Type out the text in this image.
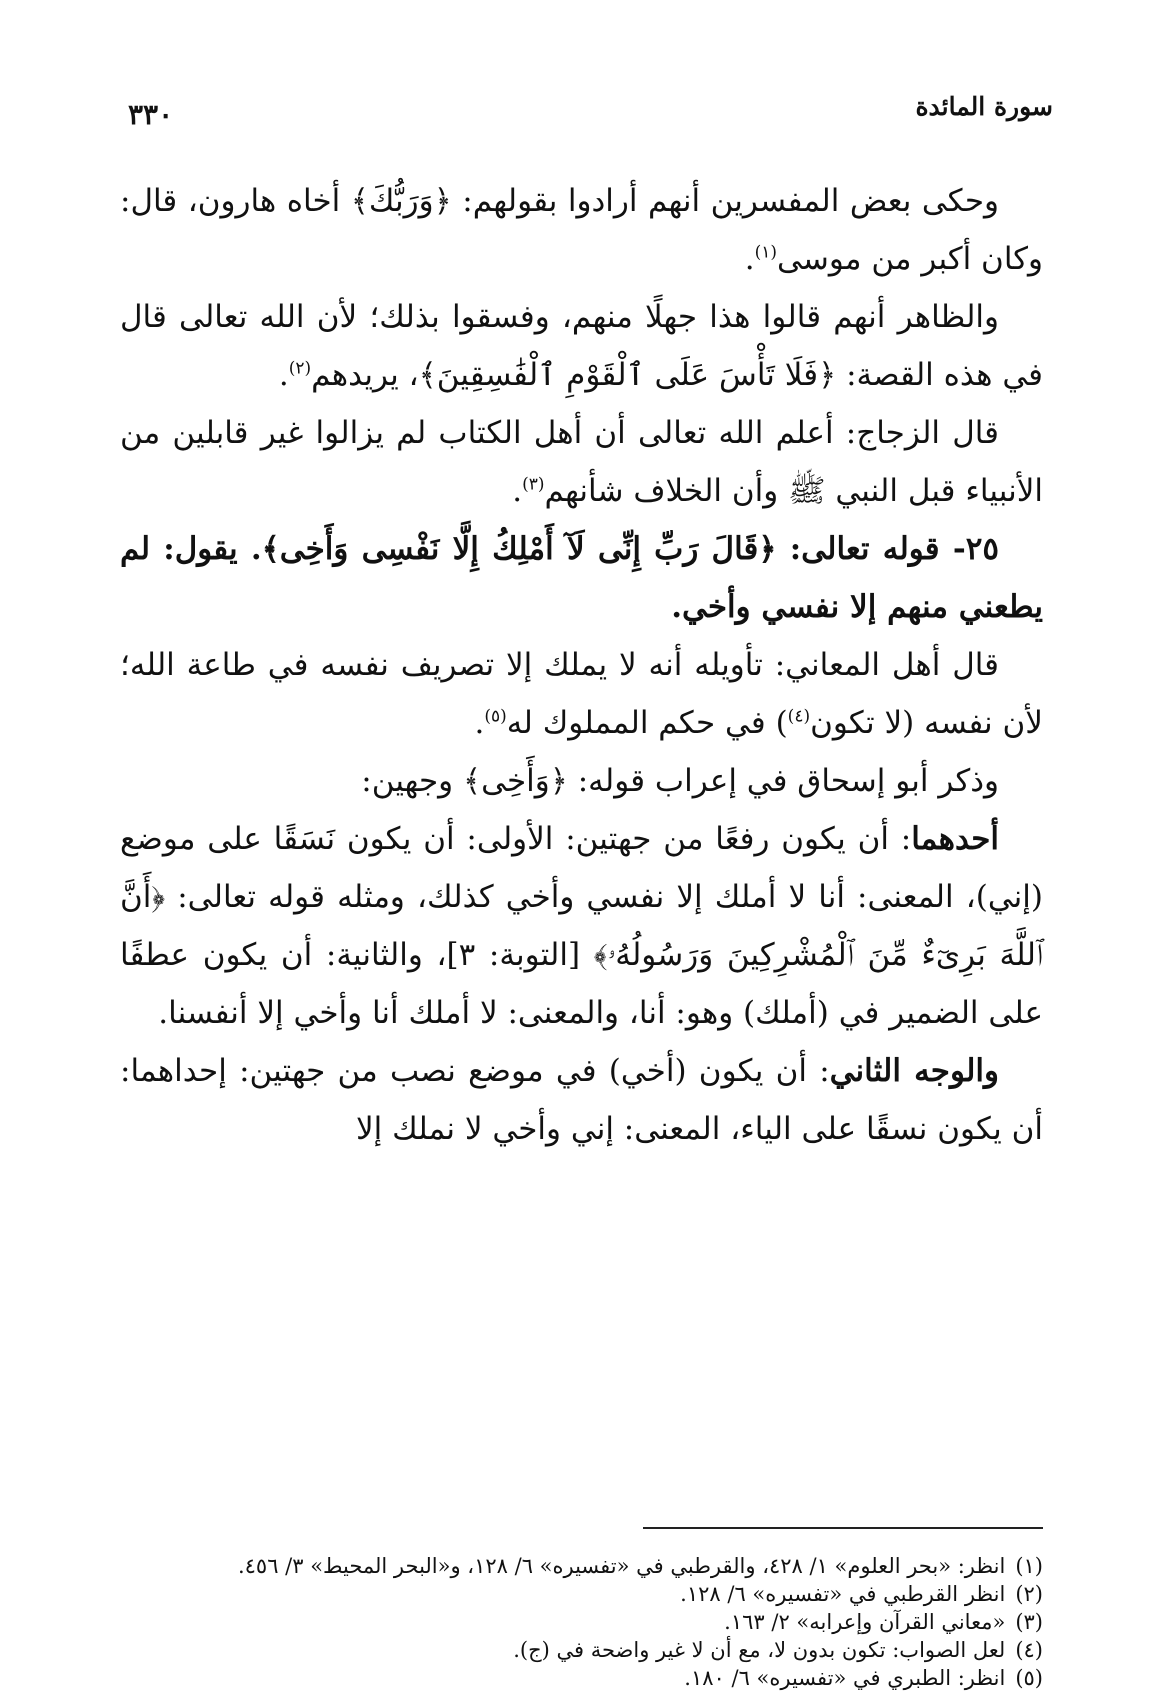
سورة المائدة
٣٣٠

وحكى بعض المفسرين أنهم أرادوا بقولهم: ﴿وَرَبُّكَ﴾ أخاه هارون، قال: وكان أكبر من موسى$^{(١)}$.

والظاهر أنهم قالوا هذا جهلًا منهم، وفسقوا بذلك؛ لأن الله تعالى قال في هذه القصة: ﴿فَلَا تَأْسَ عَلَى ٱلْقَوْمِ ٱلْفَٰسِقِينَ﴾، يريدهم$^{(٢)}$.

قال الزجاج: أعلم الله تعالى أن أهل الكتاب لم يزالوا غير قابلين من الأنبياء قبل النبي ﷺ وأن الخلاف شأنهم$^{(٣)}$.

٢٥- قوله تعالى: ﴿قَالَ رَبِّ إِنِّى لَآ أَمْلِكُ إِلَّا نَفْسِى وَأَخِى﴾. يقول: لم يطعني منهم إلا نفسي وأخي.

قال أهل المعاني: تأويله أنه لا يملك إلا تصريف نفسه في طاعة الله؛ لأن نفسه (لا تكون$^{(٤)}$) في حكم المملوك له$^{(٥)}$.

وذكر أبو إسحاق في إعراب قوله: ﴿وَأَخِى﴾ وجهين:

أحدهما: أن يكون رفعًا من جهتين: الأولى: أن يكون نَسَقًا على موضع (إني)، المعنى: أنا لا أملك إلا نفسي وأخي كذلك، ومثله قوله تعالى: ﴿أَنَّ ٱللَّهَ بَرِىٓءٌ مِّنَ ٱلْمُشْرِكِينَ وَرَسُولُهُۥ﴾ [التوبة: ٣]، والثانية: أن يكون عطفًا على الضمير في (أملك) وهو: أنا، والمعنى: لا أملك أنا وأخي إلا أنفسنا.

والوجه الثاني: أن يكون (أخي) في موضع نصب من جهتين: إحداهما: أن يكون نسقًا على الياء، المعنى: إني وأخي لا نملك إلا

(١)انظر: «بحر العلوم» ١/ ٤٢٨، والقرطبي في «تفسيره» ٦/ ١٢٨، و«البحر المحيط» ٣/ ٤٥٦.

(٢)انظر القرطبي في «تفسيره» ٦/ ١٢٨.

(٣)«معاني القرآن وإعرابه» ٢/ ١٦٣.

(٤)لعل الصواب: تكون بدون لا، مع أن لا غير واضحة في (ج).

(٥)انظر: الطبري في «تفسيره» ٦/ ١٨٠.
